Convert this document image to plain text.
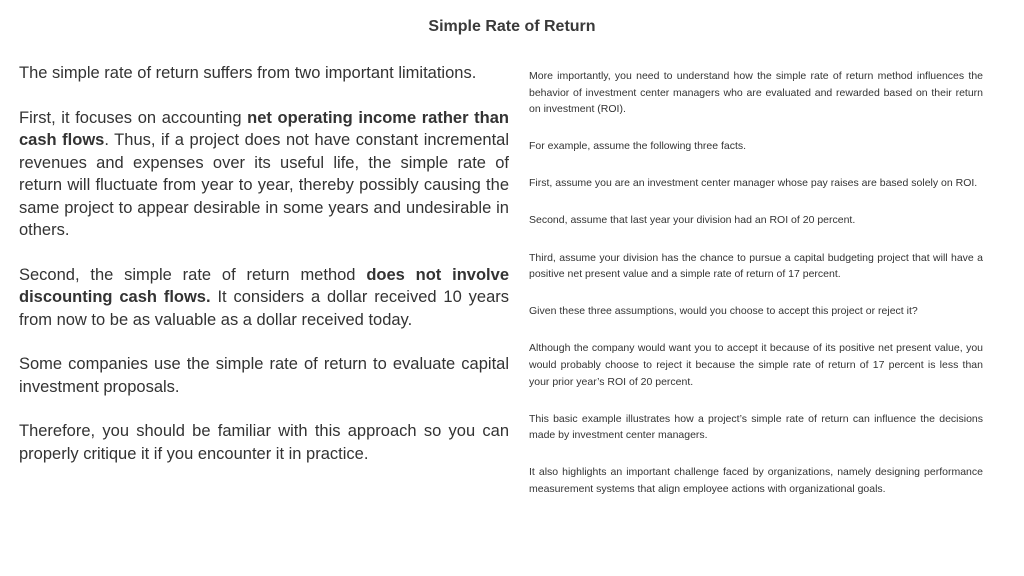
Simple Rate of Return

The simple rate of return suffers from two important limitations.

First, it focuses on accounting net operating income rather than cash flows. Thus, if a project does not have constant incremental revenues and expenses over its useful life, the simple rate of return will fluctuate from year to year, thereby possibly causing the same project to appear desirable in some years and undesirable in others.

Second, the simple rate of return method does not involve discounting cash flows. It considers a dollar received 10 years from now to be as valuable as a dollar received today.

Some companies use the simple rate of return to evaluate capital investment proposals.

Therefore, you should be familiar with this approach so you can properly critique it if you encounter it in practice.

More importantly, you need to understand how the simple rate of return method influences the behavior of investment center managers who are evaluated and rewarded based on their return on investment (ROI).

For example, assume the following three facts.

First, assume you are an investment center manager whose pay raises are based solely on ROI.

Second, assume that last year your division had an ROI of 20 percent.

Third, assume your division has the chance to pursue a capital budgeting project that will have a positive net present value and a simple rate of return of 17 percent.

Given these three assumptions, would you choose to accept this project or reject it?

Although the company would want you to accept it because of its positive net present value, you would probably choose to reject it because the simple rate of return of 17 percent is less than your prior year’s ROI of 20 percent.

This basic example illustrates how a project’s simple rate of return can influence the decisions made by investment center managers.

It also highlights an important challenge faced by organizations, namely designing performance measurement systems that align employee actions with organizational goals.
